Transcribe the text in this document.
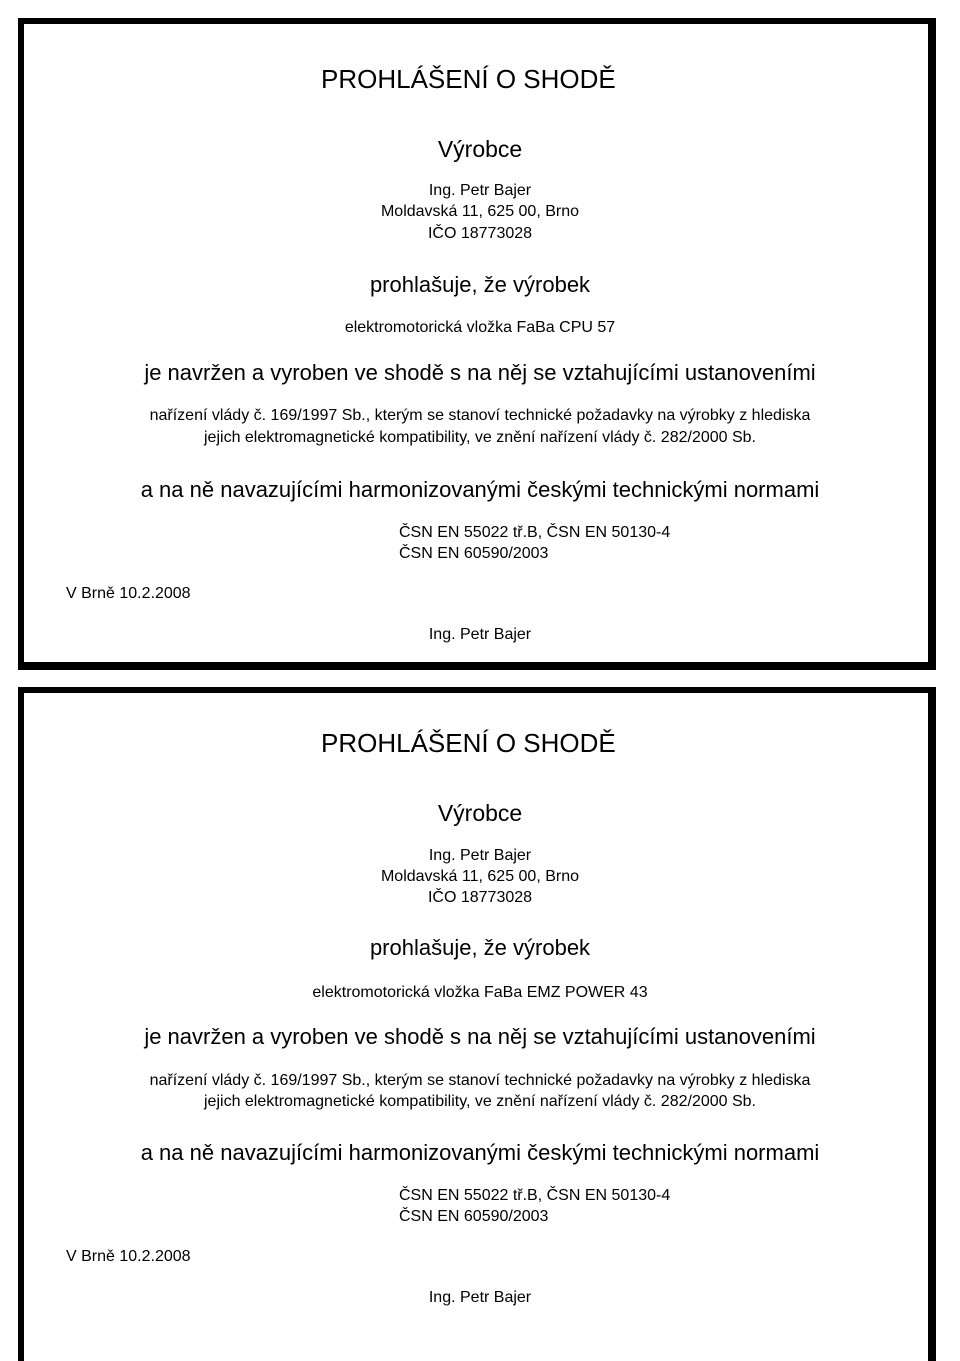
PROHLÁŠENÍ O SHODĚ
Výrobce
Ing. Petr Bajer
Moldavská 11, 625 00, Brno
IČO 18773028
prohlašuje, že výrobek
elektromotorická vložka FaBa CPU 57
je navržen a vyroben ve shodě s na něj se vztahujícími ustanoveními
nařízení vlády č. 169/1997 Sb., kterým se stanoví technické požadavky na výrobky z hlediska
jejich elektromagnetické kompatibility, ve znění nařízení vlády č. 282/2000 Sb.
a na ně navazujícími harmonizovanými českými technickými normami
ČSN EN 55022 tř.B, ČSN EN 50130-4
ČSN EN 60590/2003
V Brně 10.2.2008
Ing. Petr Bajer
PROHLÁŠENÍ O SHODĚ
Výrobce
Ing. Petr Bajer
Moldavská 11, 625 00, Brno
IČO 18773028
prohlašuje, že výrobek
elektromotorická vložka FaBa EMZ POWER 43
je navržen a vyroben ve shodě s na něj se vztahujícími ustanoveními
nařízení vlády č. 169/1997 Sb., kterým se stanoví technické požadavky na výrobky z hlediska
jejich elektromagnetické kompatibility, ve znění nařízení vlády č. 282/2000 Sb.
a na ně navazujícími harmonizovanými českými technickými normami
ČSN EN 55022 tř.B, ČSN EN 50130-4
ČSN EN 60590/2003
V Brně 10.2.2008
Ing. Petr Bajer
